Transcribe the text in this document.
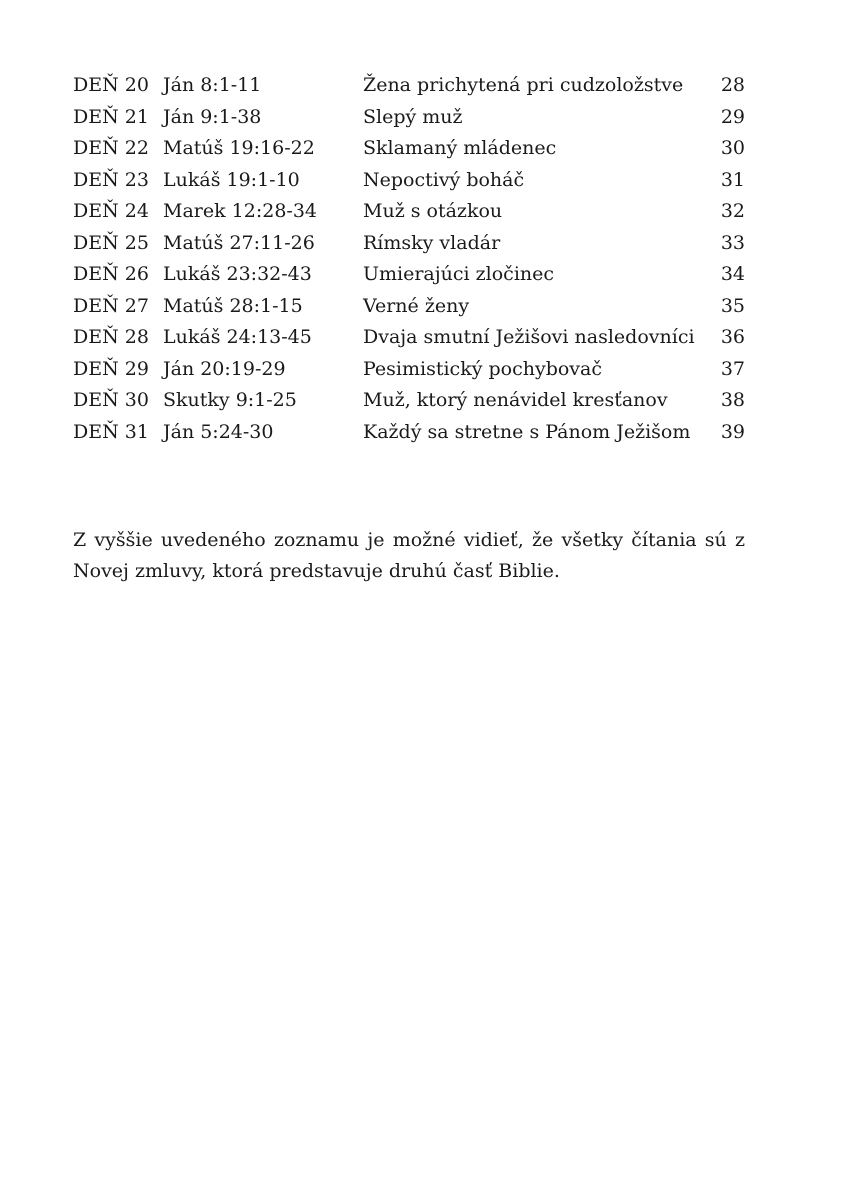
DEŇ 20 Ján 8:1-11	Žena prichytená pri cudzoložstve 28
DEŇ 21 Ján 9:1-38	Slepý muž	29
DEŇ 22 Matúš 19:16-22	Sklamaný mládenec	30
DEŇ 23 Lukáš 19:1-10	Nepoctivý boháč	31
DEŇ 24 Marek 12:28-34 Muž s otázkou	32
DEŇ 25 Matúš 27:11-26	Rímsky vladár	33
DEŇ 26 Lukáš 23:32-43	Umierajúci zločinec	34
DEŇ 27 Matúš 28:1-15	Verné ženy	35
DEŇ 28 Lukáš 24:13-45	Dvaja smutní Ježišovi nasledovníci 36
DEŇ 29 Ján 20:19-29	Pesimistický pochybovač	37
DEŇ 30 Skutky 9:1-25	Muž, ktorý nenávidel kresťanov	38
DEŇ 31 Ján 5:24-30	Každý sa stretne s Pánom Ježišom 39

Z vyššie uvedeného zoznamu je možné vidieť, že všetky čítania sú z Novej zmluvy, ktorá predstavuje druhú časť Biblie.
